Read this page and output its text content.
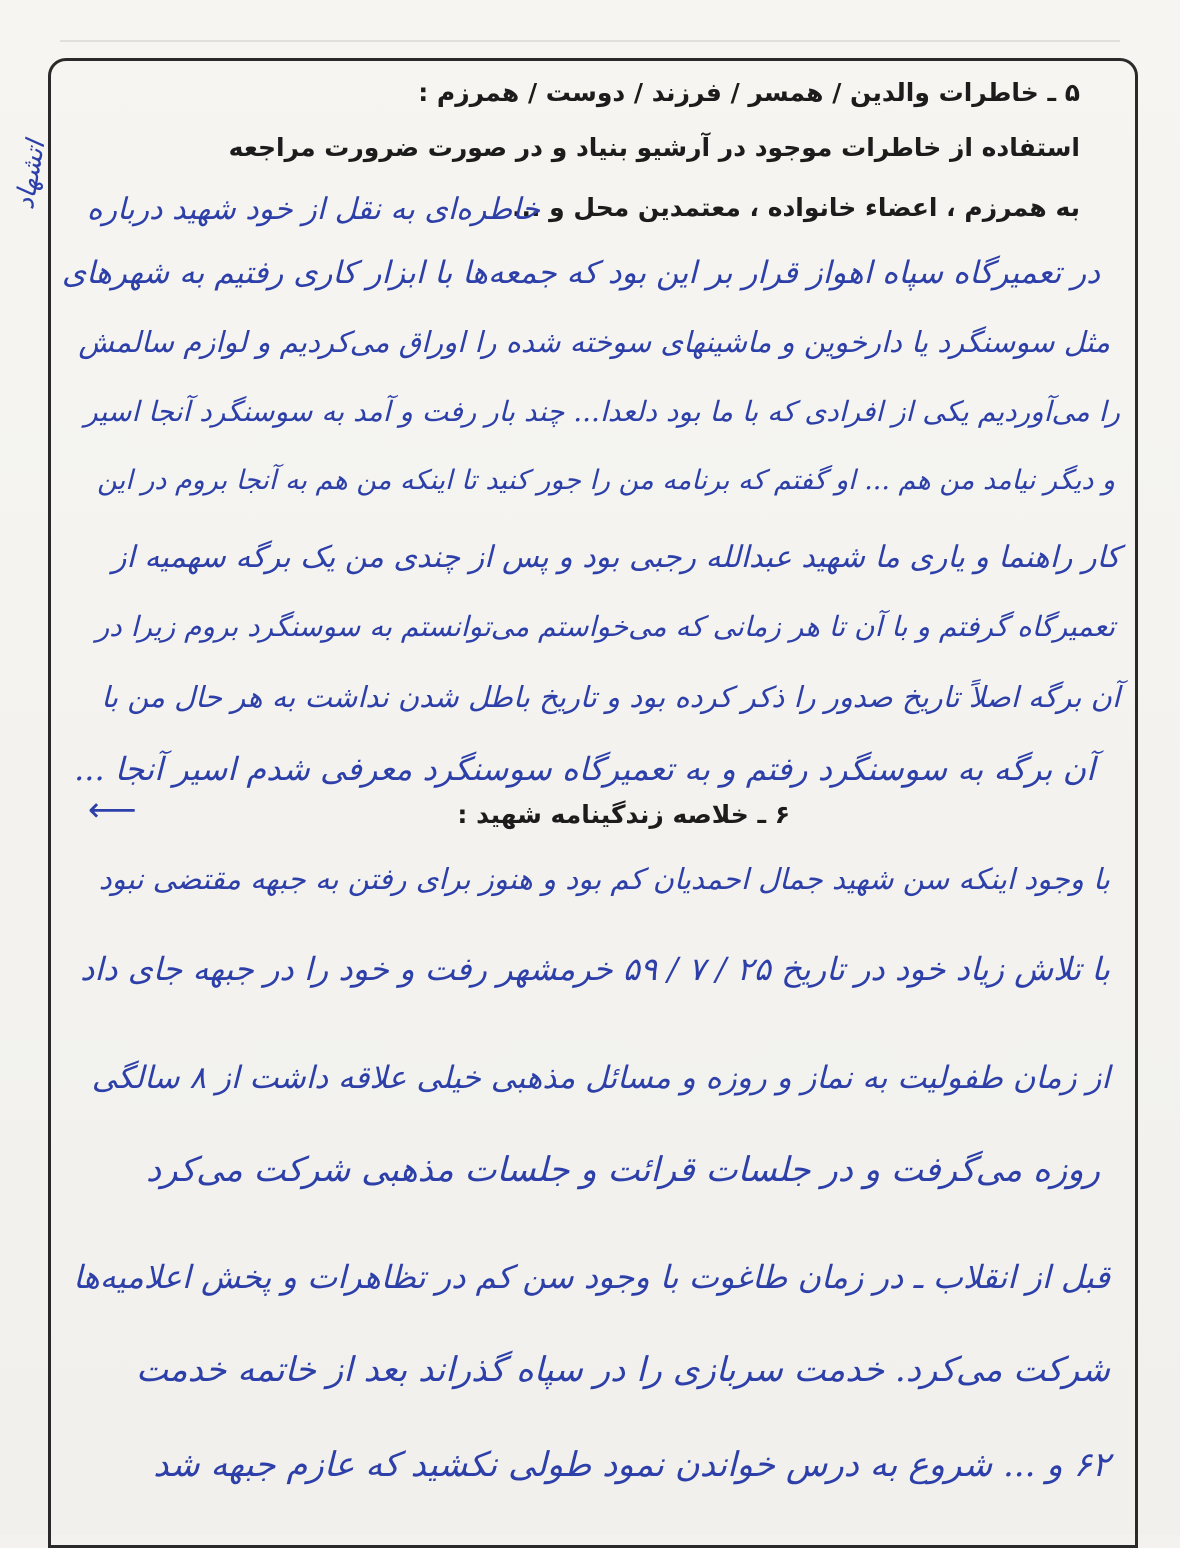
۵ ـ خاطرات والدین / همسر / فرزند / دوست / همرزم :
استفاده از خاطرات موجود در آرشیو بنیاد و در صورت ضرورت مراجعه
به همرزم ، اعضاء خانواده ، معتمدین محل و ...
خاطره‌ای به نقل از خود شهید درباره
اتشهاد
در تعمیرگاه سپاه اهواز قرار بر این بود که جمعه‌ها با ابزار کاری رفتیم به شهرهای
مثل سوسنگرد یا دارخوین و ماشینهای سوخته شده را اوراق می‌کردیم و لوازم سالمش
را می‌آوردیم یکی از افرادی که با ما بود دلعدا... چند بار رفت و آمد به سوسنگرد آنجا اسیر
و دیگر نیامد من هم ... او گفتم که برنامه من را جور کنید تا اینکه من هم به آنجا بروم در این
کار راهنما و یاری ما شهید عبدالله رجبی بود و پس از چندی من یک برگه سهمیه از
تعمیرگاه گرفتم و با آن تا هر زمانی که می‌خواستم می‌توانستم به سوسنگرد بروم زیرا در
آن برگه اصلاً تاریخ صدور را ذکر کرده بود و تاریخ باطل شدن نداشت به هر حال من با
آن برگه به سوسنگرد رفتم و به تعمیرگاه سوسنگرد معرفی شدم اسیر آنجا ...
⟵	۶ ـ خلاصه زندگینامه شهید :
با وجود اینکه سن شهید جمال احمدیان کم بود و هنوز برای رفتن به جبهه مقتضی نبود
با تلاش زیاد خود در تاریخ ۲۵ / ۷ / ۵۹ خرمشهر رفت و خود را در جبهه جای داد
از زمان طفولیت به نماز و روزه و مسائل مذهبی خیلی علاقه داشت از ۸ سالگی
روزه می‌گرفت و در جلسات قرائت و جلسات مذهبی شرکت می‌کرد
قبل از انقلاب ـ در زمان طاغوت با وجود سن کم در تظاهرات و پخش اعلامیه‌ها
شرکت می‌کرد. خدمت سربازی را در سپاه گذراند بعد از خاتمه خدمت
۶۲ و ... شروع به درس خواندن نمود طولی نکشید که عازم جبهه شد
